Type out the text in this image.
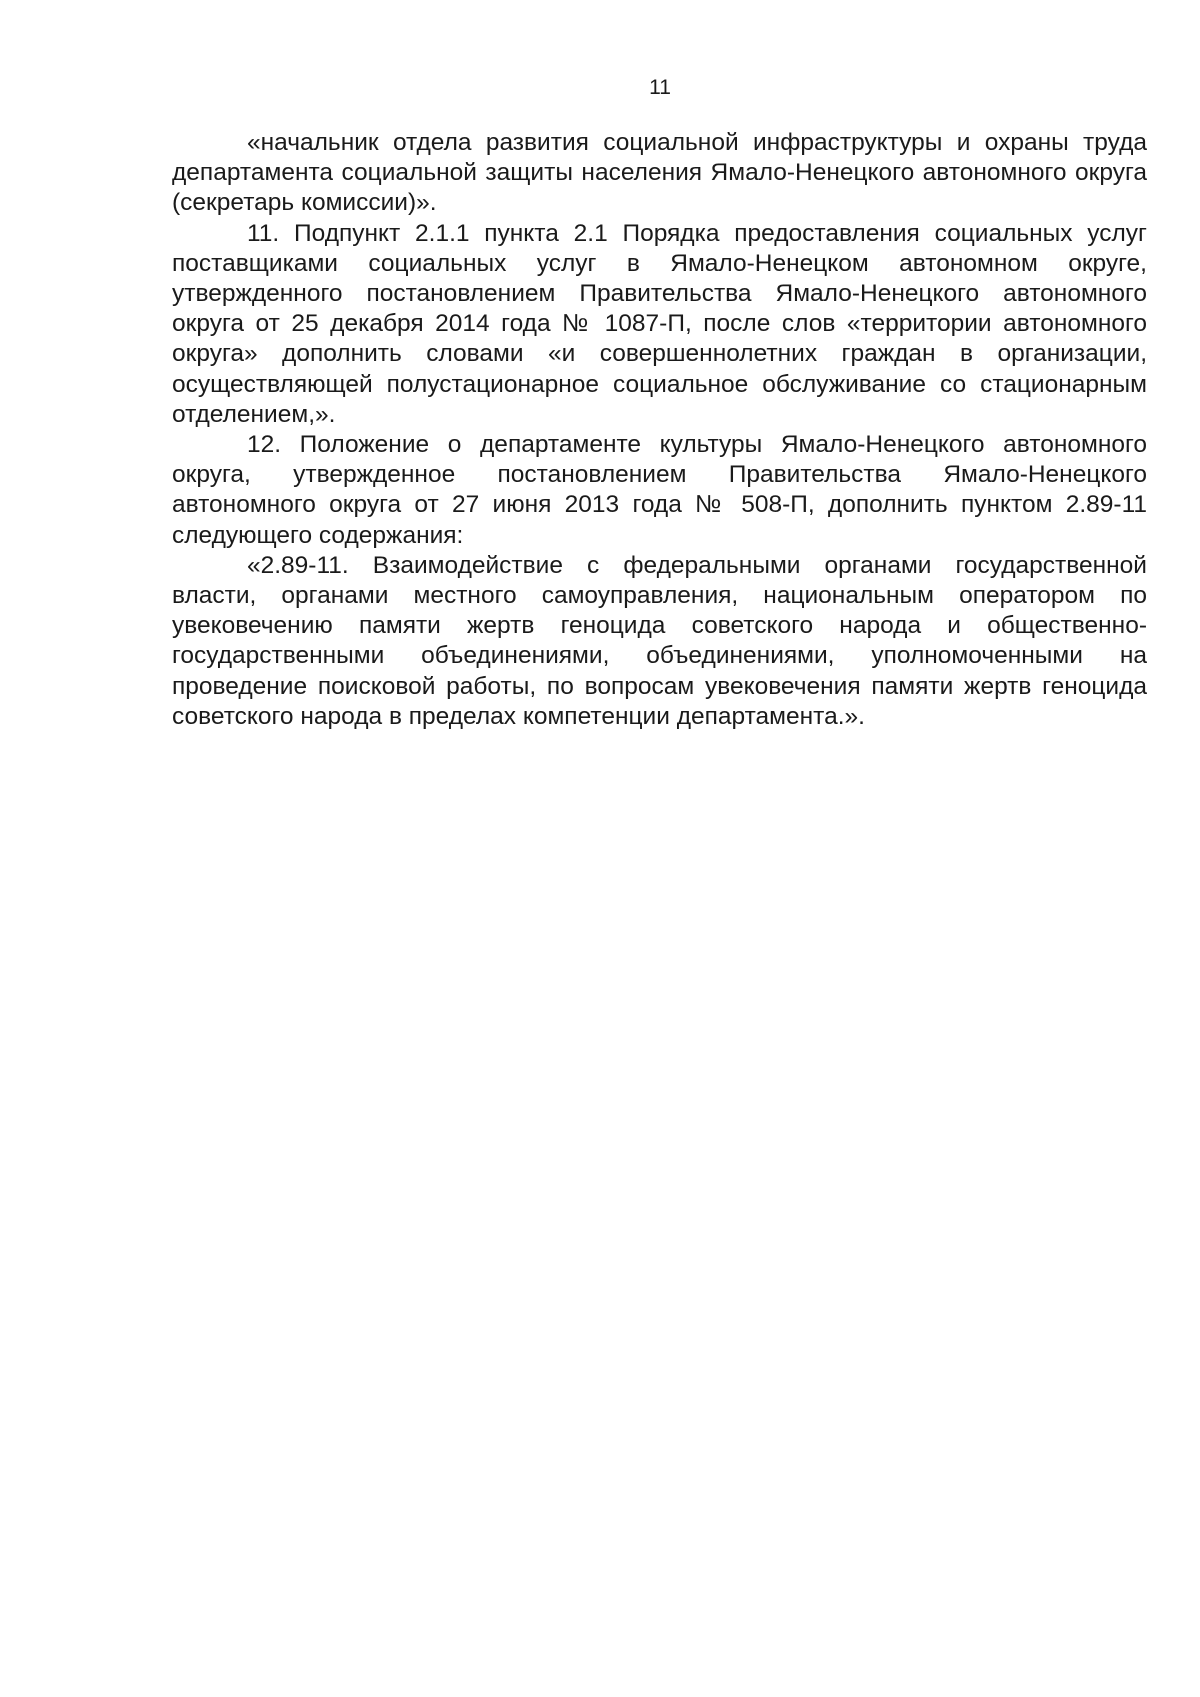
11

«начальник отдела развития социальной инфраструктуры и охраны труда департамента социальной защиты населения Ямало-Ненецкого автономного округа (секретарь комиссии)».

11. Подпункт 2.1.1 пункта 2.1 Порядка предоставления социальных услуг поставщиками социальных услуг в Ямало-Ненецком автономном округе, утвержденного постановлением Правительства Ямало-Ненецкого автономного округа от 25 декабря 2014 года № 1087-П, после слов «территории автономного округа» дополнить словами «и совершеннолетних граждан в организации, осуществляющей полустационарное социальное обслуживание со стационарным отделением,».

12. Положение о департаменте культуры Ямало-Ненецкого автономного округа, утвержденное постановлением Правительства Ямало-Ненецкого автономного округа от 27 июня 2013 года № 508-П, дополнить пунктом 2.89-11 следующего содержания:

«2.89-11. Взаимодействие с федеральными органами государственной власти, органами местного самоуправления, национальным оператором по увековечению памяти жертв геноцида советского народа и общественно-государственными объединениями, объединениями, уполномоченными на проведение поисковой работы, по вопросам увековечения памяти жертв геноцида советского народа в пределах компетенции департамента.».
